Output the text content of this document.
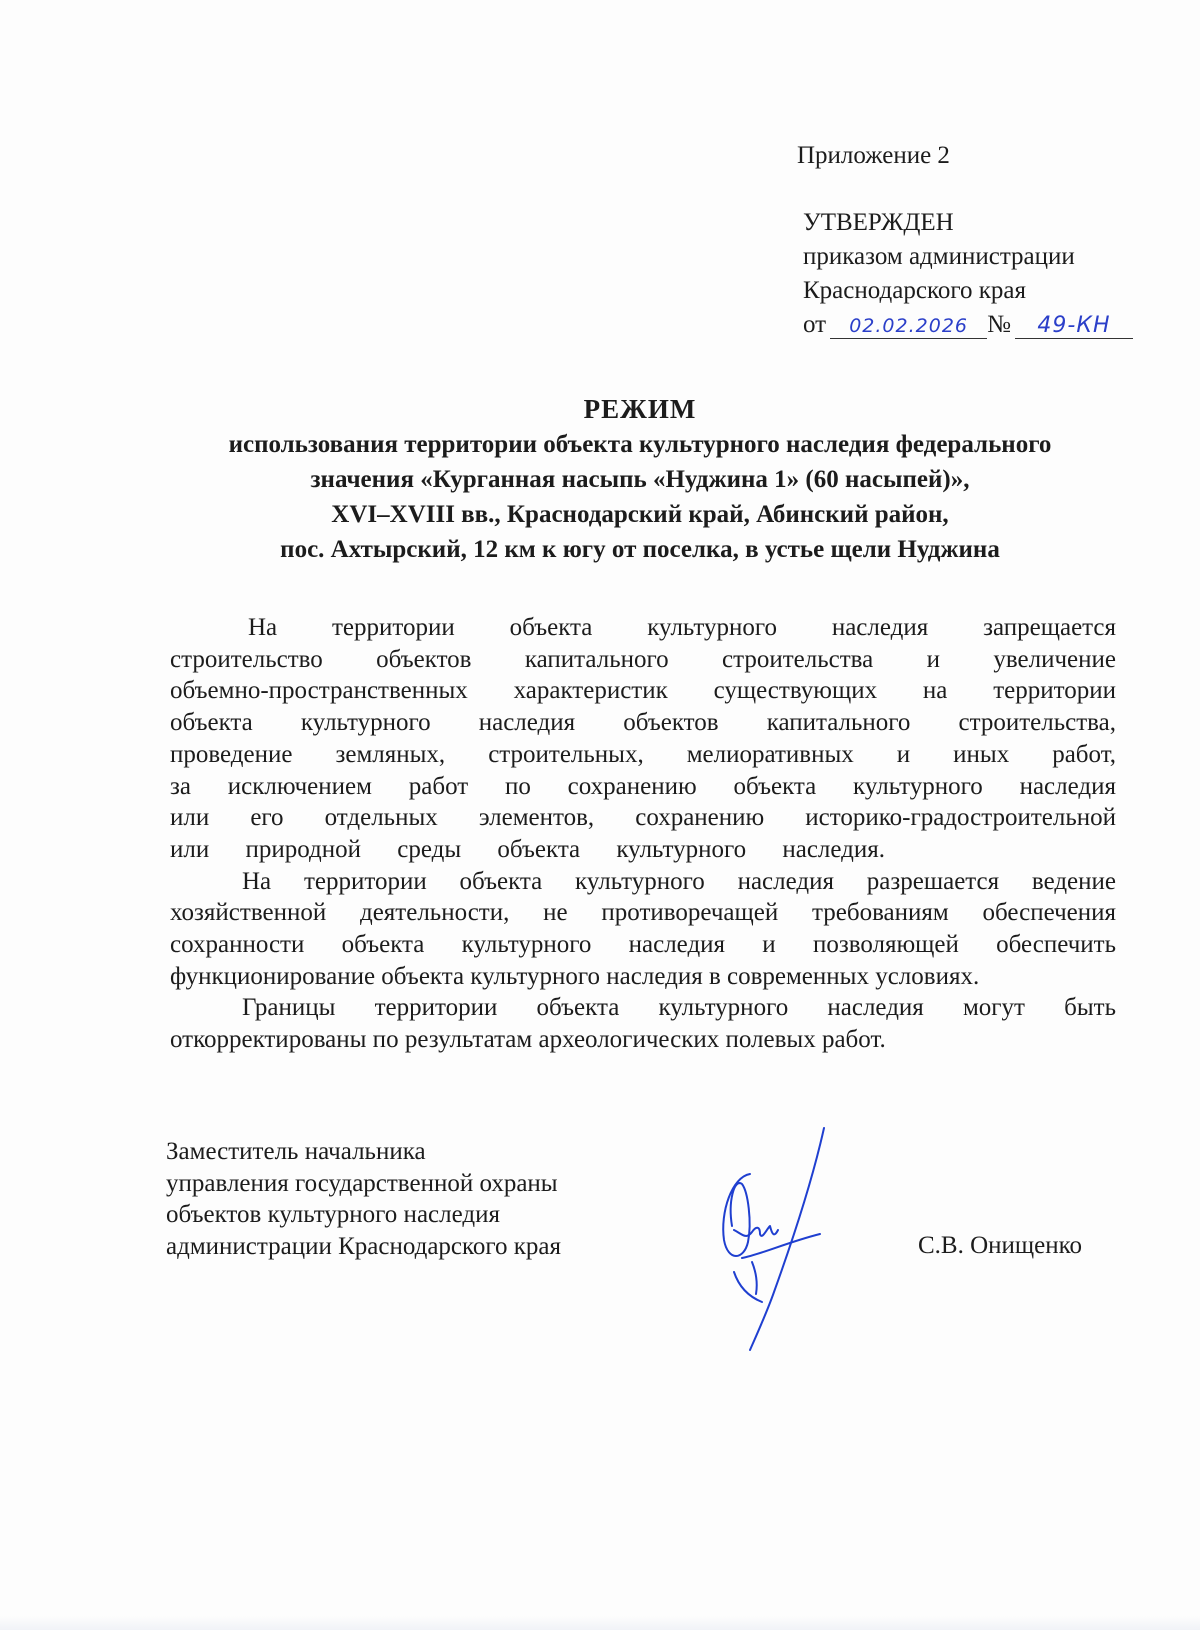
Приложение 2
УТВЕРЖДЕН
приказом администрации
Краснодарского края
от 02.02.2026 № 49-КН
РЕЖИМ
использования территории объекта культурного наследия федерального
значения «Курганная насыпь «Нуджина 1» (60 насыпей)»,
XVI–XVIII вв., Краснодарский край, Абинский район,
пос. Ахтырский, 12 км к югу от поселка, в устье щели Нуджина

На территории объекта культурного наследия запрещается строительство объектов капитального строительства и увеличение объемно-пространственных характеристик существующих на территории объекта культурного наследия объектов капитального строительства, проведение земляных, строительных, мелиоративных и иных работ, за исключением работ по сохранению объекта культурного наследия или его отдельных элементов, сохранению историко-градостроительной или природной среды объекта культурного наследия.

На территории объекта культурного наследия разрешается ведение хозяйственной деятельности, не противоречащей требованиям обеспечения сохранности объекта культурного наследия и позволяющей обеспечить функционирование объекта культурного наследия в современных условиях.

Границы территории объекта культурного наследия могут быть откорректированы по результатам археологических полевых работ.

Заместитель начальника
управления государственной охраны
объектов культурного наследия
администрации Краснодарского края	С.В. Онищенко
